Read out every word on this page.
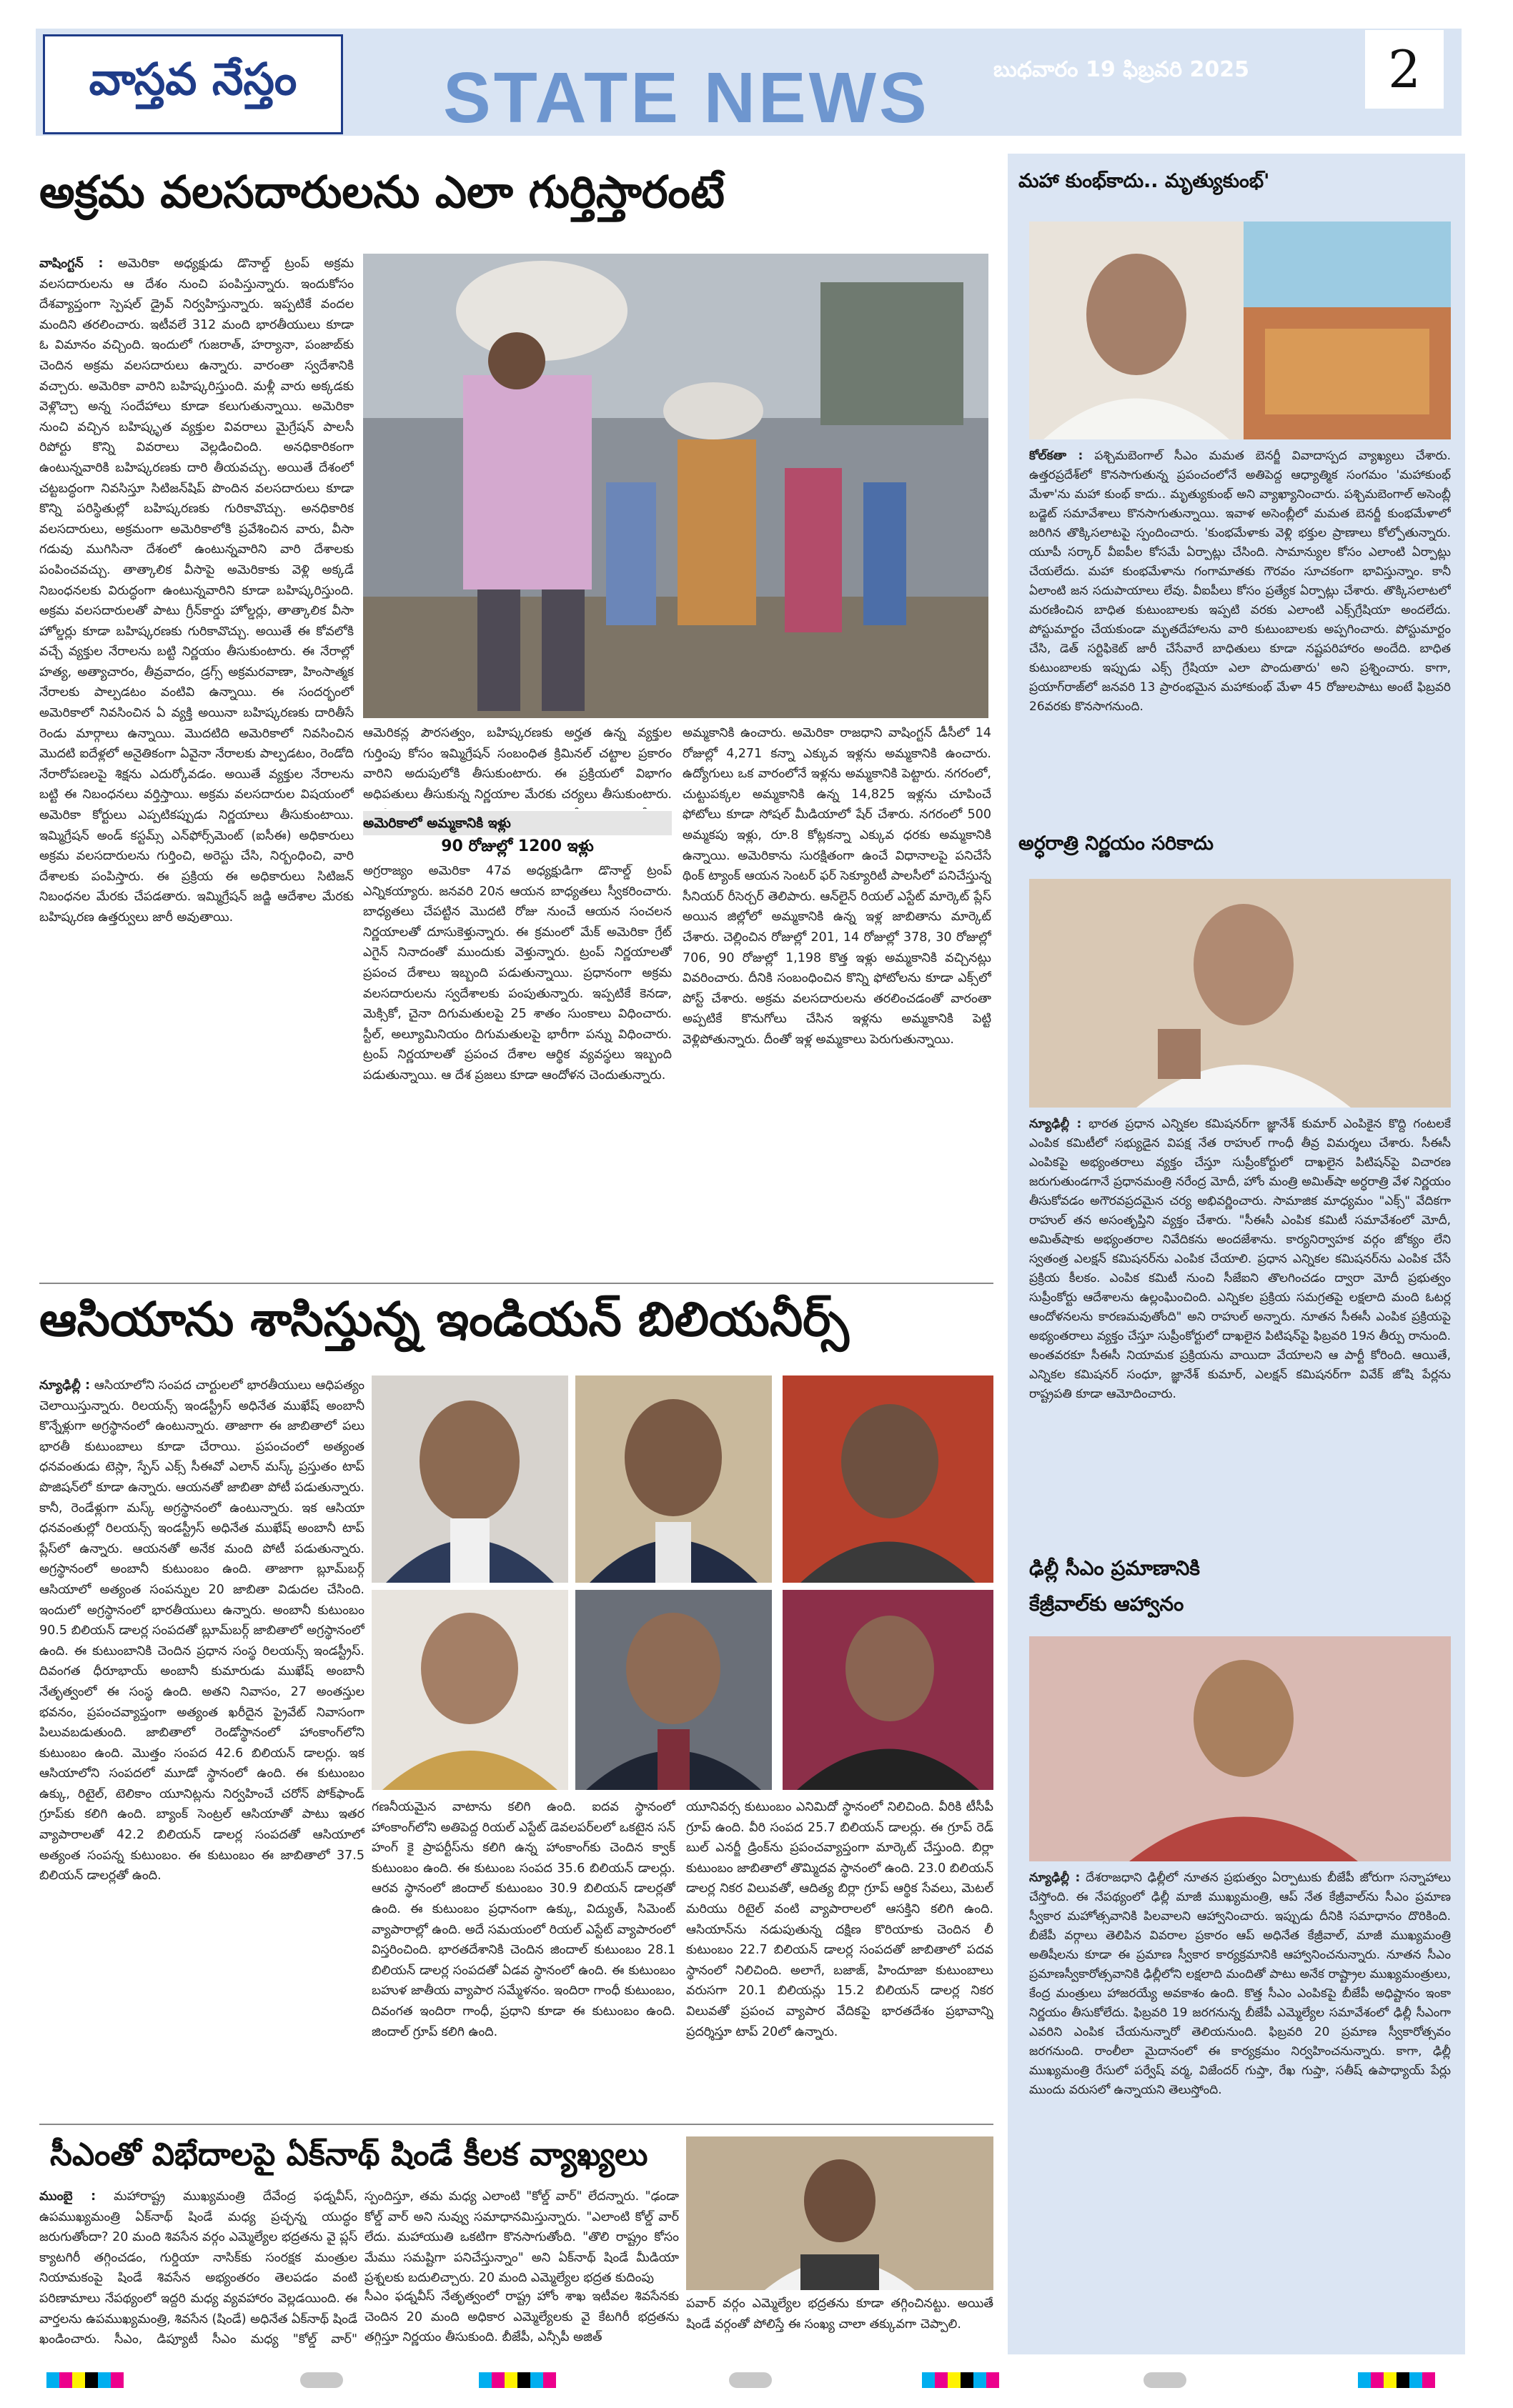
వాస్తవ నేస్తం STATE NEWS	బుధవారం 19 ఫిబ్రవరి 2025	2
అక్రమ వలసదారులను ఎలా గుర్తిస్తారంటే
వాషింగ్టన్ : అమెరికా అధ్యక్షుడు డొనాల్డ్ ట్రంప్ అక్రమ వలసదారులను ఆ దేశం నుంచి పంపిస్తున్నారు. ఇందుకోసం దేశవ్యాప్తంగా స్పెషల్ డ్రైవ్ నిర్వహిస్తున్నారు. ఇప్పటికే వందల మందిని తరలించారు. ఇటీవలే 312 మంది భారతీయులు కూడా ఓ విమానం వచ్చింది. ఇందులో గుజరాత్, హర్యానా, పంజాబ్‌కు చెందిన అక్రమ వలసదారులు ఉన్నారు. వారంతా స్వదేశానికి వచ్చారు. అమెరికా వారిని బహిష్కరిస్తుంది. మళ్లీ వారు అక్కడకు వెళ్లొచ్చా అన్న సందేహాలు కూడా కలుగుతున్నాయి. అమెరికా నుంచి వచ్చిన బహిష్కృత వ్యక్తుల వివరాలు మైగ్రేషన్ పాలసీ రిపోర్టు కొన్ని వివరాలు వెల్లడించింది. అనధికారికంగా ఉంటున్నవారికి బహిష్కరణకు దారి తీయవచ్చు. అయితే దేశంలో చట్టబద్ధంగా నివసిస్తూ సిటిజన్‌షిప్ పొందిన వలసదారులు కూడా కొన్ని పరిస్థితుల్లో బహిష్కరణకు గురికావొచ్చు. అనధికారిక వలసదారులు, అక్రమంగా అమెరికాలోకి ప్రవేశించిన వారు, వీసా గడువు ముగిసినా దేశంలో ఉంటున్నవారిని వారి దేశాలకు పంపించవచ్చు. తాత్కాలిక వీసాపై అమెరికాకు వెళ్లి అక్కడే నిబంధనలకు విరుద్ధంగా ఉంటున్నవారిని కూడా బహిష్కరిస్తుంది. అక్రమ వలసదారులతో పాటు గ్రీన్‌కార్డు హోల్డర్లు, తాత్కాలిక వీసా హోల్డర్లు కూడా బహిష్కరణకు గురికావొచ్చు. అయితే ఈ కోవలోకి వచ్చే వ్యక్తుల నేరాలను బట్టి నిర్ణయం తీసుకుంటారు. ఈ నేరాల్లో హత్య, అత్యాచారం, తీవ్రవాదం, డ్రగ్స్ అక్రమరవాణా, హింసాత్మక నేరాలకు పాల్పడటం వంటివి ఉన్నాయి. ఈ సందర్భంలో అమెరికాలో నివసించిన ఏ వ్యక్తి అయినా బహిష్కరణకు దారితీసే రెండు మార్గాలు ఉన్నాయి. మొదటిది అమెరికాలో నివసించిన మొదటి ఐదేళ్లలో అనైతికంగా ఏవైనా నేరాలకు పాల్పడటం, రెండోది నేరారోపణలపై శిక్షను ఎదుర్కోవడం. అయితే వ్యక్తుల నేరాలను బట్టి ఈ నిబంధనలు వర్తిస్తాయి. అక్రమ వలసదారుల విషయంలో అమెరికా కోర్టులు ఎప్పటికప్పుడు నిర్ణయాలు తీసుకుంటాయి. ఇమ్మిగ్రేషన్ అండ్ కస్టమ్స్ ఎన్‌ఫోర్స్‌మెంట్ (ఐసీఈ) అధికారులు అక్రమ వలసదారులను గుర్తించి, అరెస్టు చేసి, నిర్బంధించి, వారి దేశాలకు పంపిస్తారు. ఈ ప్రక్రియ ఈ అధికారులు సిటిజన్ నిబంధనల మేరకు చేపడతారు. ఇమ్మిగ్రేషన్ జడ్జి ఆదేశాల మేరకు బహిష్కరణ ఉత్తర్వులు జారీ అవుతాయి.
ఆమెరికన్ల పౌరసత్వం, బహిష్కరణకు అర్హత ఉన్న వ్యక్తుల గుర్తింపు కోసం ఇమ్మిగ్రేషన్ సంబంధిత క్రిమినల్ చట్టాల ప్రకారం వారిని అదుపులోకి తీసుకుంటారు. ఈ ప్రక్రియలో విభాగం అధిపతులు తీసుకున్న నిర్ణయాల మేరకు చర్యలు తీసుకుంటారు.
అమెరికాలో అమ్మకానికి ఇళ్లు
90 రోజుల్లో 1200 ఇళ్లు
అగ్రరాజ్యం అమెరికా 47వ అధ్యక్షుడిగా డొనాల్డ్ ట్రంప్ ఎన్నికయ్యారు. జనవరి 20న ఆయన బాధ్యతలు స్వీకరించారు. బాధ్యతలు చేపట్టిన మొదటి రోజు నుంచే ఆయన సంచలన నిర్ణయాలతో దూసుకెళ్తున్నారు. ఈ క్రమంలో మేక్ అమెరికా గ్రేట్ ఎగైన్ నినాదంతో ముందుకు వెళ్తున్నారు. ట్రంప్ నిర్ణయాలతో ప్రపంచ దేశాలు ఇబ్బంది పడుతున్నాయి. ప్రధానంగా అక్రమ వలసదారులను స్వదేశాలకు పంపుతున్నారు. ఇప్పటికే కెనడా, మెక్సికో, చైనా దిగుమతులపై 25 శాతం సుంకాలు విధించారు. స్టీల్, అల్యూమినియం దిగుమతులపై భారీగా పన్ను విధించారు. ట్రంప్ నిర్ణయాలతో ప్రపంచ దేశాల ఆర్థిక వ్యవస్థలు ఇబ్బంది పడుతున్నాయి. ఆ దేశ ప్రజలు కూడా ఆందోళన చెందుతున్నారు.
అమ్మకానికి ఉంచారు. అమెరికా రాజధాని వాషింగ్టన్ డీసీలో 14 రోజుల్లో 4,271 కన్నా ఎక్కువ ఇళ్లను అమ్మకానికి ఉంచారు. ఉద్యోగులు ఒక వారంలోనే ఇళ్లను అమ్మకానికి పెట్టారు. నగరంలో, చుట్టుపక్కల అమ్మకానికి ఉన్న 14,825 ఇళ్లను చూపించే ఫోటోలు కూడా సోషల్ మీడియాలో షేర్ చేశారు. నగరంలో 500 అమ్మకపు ఇళ్లు, రూ.8 కోట్లకన్నా ఎక్కువ ధరకు అమ్మకానికి ఉన్నాయి. అమెరికాను సురక్షితంగా ఉంచే విధానాలపై పనిచేసే థింక్ ట్యాంక్ ఆయన సెంటర్ ఫర్ సెక్యూరిటీ పాలసీలో పనిచేస్తున్న సీనియర్ రీసెర్చర్ తెలిపారు. ఆన్‌లైన్ రియల్ ఎస్టేట్ మార్కెట్ ప్లేస్ అయిన జిల్లోలో అమ్మకానికి ఉన్న ఇళ్ల జాబితాను మార్కెట్ చేశారు. చెల్లించిన రోజుల్లో 201, 14 రోజుల్లో 378, 30 రోజుల్లో 706, 90 రోజుల్లో 1,198 కొత్త ఇళ్లు అమ్మకానికి వచ్చినట్లు వివరించారు. దీనికి సంబంధించిన కొన్ని ఫోటోలను కూడా ఎక్స్‌లో పోస్ట్ చేశారు. అక్రమ వలసదారులను తరలించడంతో వారంతా అప్పటికే కొనుగోలు చేసిన ఇళ్లను అమ్మకానికి పెట్టి వెళ్లిపోతున్నారు. దీంతో ఇళ్ల అమ్మకాలు పెరుగుతున్నాయి.
ఆసియాను శాసిస్తున్న ఇండియన్ బిలియనీర్స్
న్యూఢిల్లీ : ఆసియాలోని సంపద చార్టులలో భారతీయులు ఆధిపత్యం చెలాయిస్తున్నారు. రిలయన్స్ ఇండస్ట్రీస్ అధినేత ముఖేష్ అంబానీ కొన్నేళ్లుగా అగ్రస్థానంలో ఉంటున్నారు. తాజాగా ఈ జాబితాలో పలు భారతీ కుటుంబాలు కూడా చేరాయి. ప్రపంచంలో అత్యంత ధనవంతుడు టెస్లా, స్పేస్ ఎక్స్ సీఈవో ఎలాన్ మస్క్ ప్రస్తుతం టాప్ పొజిషన్‌లో కూడా ఉన్నారు. ఆయనతో జాబితా పోటీ పడుతున్నారు. కానీ, రెండేళ్లుగా మస్క్ అగ్రస్థానంలో ఉంటున్నారు. ఇక ఆసియా ధనవంతుల్లో రిలయన్స్ ఇండస్ట్రీస్ అధినేత ముఖేష్ అంబానీ టాప్ ప్లేస్‌లో ఉన్నారు. ఆయనతో అనేక మంది పోటీ పడుతున్నారు. అగ్రస్థానంలో అంబానీ కుటుంబం ఉంది. తాజాగా బ్లూమ్‌బర్గ్ ఆసియాలో అత్యంత సంపన్నుల 20 జాబితా విడుదల చేసింది. ఇందులో అగ్రస్థానంలో భారతీయులు ఉన్నారు. అంబానీ కుటుంబం 90.5 బిలియన్ డాలర్ల సంపదతో బ్లూమ్‌బర్గ్ జాబితాలో అగ్రస్థానంలో ఉంది. ఈ కుటుంబానికి చెందిన ప్రధాన సంస్థ రిలయన్స్ ఇండస్ట్రీస్. దివంగత ధీరూభాయ్ అంబానీ కుమారుడు ముఖేష్ అంబానీ నేతృత్వంలో ఈ సంస్థ ఉంది. అతని నివాసం, 27 అంతస్తుల భవనం, ప్రపంచవ్యాప్తంగా అత్యంత ఖరీదైన ప్రైవేట్ నివాసంగా పిలువబడుతుంది. జాబితాలో రెండోస్థానంలో హాంకాంగ్‌లోని కుటుంబం ఉంది. మొత్తం సంపద 42.6 బిలియన్ డాలర్లు. ఇక ఆసియాలోని సంపదలో మూడో స్థానంలో ఉంది. ఈ కుటుంబం ఉక్కు, రిటైల్, టెలికాం యూనిట్లను నిర్వహించే చరోన్ పోక్‌ఫాండ్ గ్రూప్‌కు కలిగి ఉంది. బ్యాంక్ సెంట్రల్ ఆసియాతో పాటు ఇతర వ్యాపారాలతో 42.2 బిలియన్ డాలర్ల సంపదతో ఆసియాలో అత్యంత సంపన్న కుటుంబం. ఈ కుటుంబం ఈ జాబితాలో 37.5 బిలియన్ డాలర్లతో ఉంది.
గణనీయమైన వాటాను కలిగి ఉంది. ఐదవ స్థానంలో హాంకాంగ్‌లోని అతిపెద్ద రియల్ ఎస్టేట్ డెవలపర్‌లలో ఒకటైన సన్ హంగ్ కై ప్రాపర్టీస్‌ను కలిగి ఉన్న హాంకాంగ్‌కు చెందిన క్వాక్ కుటుంబం ఉంది. ఈ కుటుంబ సంపద 35.6 బిలియన్ డాలర్లు. ఆరవ స్థానంలో జిందాల్ కుటుంబం 30.9 బిలియన్ డాలర్లతో ఉంది. ఈ కుటుంబం ప్రధానంగా ఉక్కు, విద్యుత్, సిమెంట్ వ్యాపారాల్లో ఉంది. అదే సమయంలో రియల్ ఎస్టేట్ వ్యాపారంలో విస్తరించింది. భారతదేశానికి చెందిన జిందాల్ కుటుంబం 28.1 బిలియన్ డాలర్ల సంపదతో ఏడవ స్థానంలో ఉంది. ఈ కుటుంబం బహుళ జాతీయ వ్యాపార సమ్మేళనం. ఇందిరా గాంధీ కుటుంబం, దివంగత ఇందిరా గాంధీ, ప్రధాని కూడా ఈ కుటుంబం ఉంది. జిందాల్ గ్రూప్ కలిగి ఉంది.
యూనివర్స కుటుంబం ఎనిమిదో స్థానంలో నిలిచింది. వీరికి టీసీపీ గ్రూప్ ఉంది. వీరి సంపద 25.7 బిలియన్ డాలర్లు. ఈ గ్రూప్ రెడ్ బుల్ ఎనర్జీ డ్రింక్‌ను ప్రపంచవ్యాప్తంగా మార్కెట్ చేస్తుంది. బిర్లా కుటుంబం జాబితాలో తొమ్మిదవ స్థానంలో ఉంది. 23.0 బిలియన్ డాలర్ల నికర విలువతో, ఆదిత్య బిర్లా గ్రూప్ ఆర్థిక సేవలు, మెటల్ మరియు రిటైల్ వంటి వ్యాపారాలలో ఆసక్తిని కలిగి ఉంది. ఆసియాన్‌ను నడుపుతున్న దక్షిణ కొరియాకు చెందిన లీ కుటుంబం 22.7 బిలియన్ డాలర్ల సంపదతో జాబితాలో పదవ స్థానంలో నిలిచింది. అలాగే, బజాజ్, హిందూజా కుటుంబాలు వరుసగా 20.1 బిలియన్లు 15.2 బిలియన్ డాలర్ల నికర విలువతో ప్రపంచ వ్యాపార వేదికపై భారతదేశం ప్రభావాన్ని ప్రదర్శిస్తూ టాప్ 20లో ఉన్నారు.
సీఎంతో విభేదాలపై ఏక్‌నాథ్ షిండే కీలక వ్యాఖ్యలు
ముంబై : మహారాష్ట్ర ముఖ్యమంత్రి దేవేంద్ర ఫడ్నవీస్, ఉపముఖ్యమంత్రి ఏక్‌నాథ్ షిండే మధ్య ప్రచ్ఛన్న యుద్ధం జరుగుతోందా? 20 మంది శివసేన వర్గం ఎమ్మెల్యేల భద్రతను వై ప్లస్ క్యాటగిరీ తగ్గించడం, గుర్డియా నాసిక్‌కు సంరక్షక మంత్రుల నియామకంపై షిండే శివసేన అభ్యంతరం తెలపడం వంటి పరిణామాలు నేపథ్యంలో ఇద్దరి మధ్య వ్యవహారం వెల్లడయింది. ఈ వార్తలను ఉపముఖ్యమంత్రి, శివసేన (షిండే) అధినేత ఏక్‌నాథ్ షిండే ఖండించారు. సీఎం, డిప్యూటీ సీఎం మధ్య "కోల్డ్ వార్"
స్పందిస్తూ, తమ మధ్య ఎలాంటి "కోల్డ్ వార్" లేదన్నారు. "ఢండా కోల్డ్ వార్ అని నువ్వు సమాధానమిస్తున్నారు. "ఎలాంటి కోల్డ్ వార్ లేదు. మహాయుతి ఒకటిగా కొనసాగుతోంది. "తొలి రాష్ట్రం కోసం మేము సమష్టిగా పనిచేస్తున్నాం" అని ఏక్‌నాథ్ షిండే మీడియా ప్రశ్నలకు బదులిచ్చారు. 20 మంది ఎమ్మెల్యేల భద్రత కుదింపు
సీఎం ఫడ్నవీస్ నేతృత్వంలో రాష్ట్ర హోం శాఖ ఇటీవల శివసేనకు చెందిన 20 మంది అధికార ఎమ్మెల్యేలకు వై కేటగిరీ భద్రతను తగ్గిస్తూ నిర్ణయం తీసుకుంది. బీజేపీ, ఎన్సీపీ అజిత్
పవార్ వర్గం ఎమ్మెల్యేల భద్రతను కూడా తగ్గించినట్టు. అయితే షిండే వర్గంతో పోలిస్తే ఈ సంఖ్య చాలా తక్కువగా చెప్పాలి.
మహా కుంభ్‌కాదు.. మృత్యుకుంభ్'
కోల్‌కతా : పశ్చిమబెంగాల్ సీఎం మమత బెనర్జీ వివాదాస్పద వ్యాఖ్యలు చేశారు. ఉత్తరప్రదేశ్‌లో కొనసాగుతున్న ప్రపంచంలోనే అతిపెద్ద ఆధ్యాత్మిక సంగమం 'మహాకుంభ్ మేళా'ను మహా కుంభ్ కాదు.. మృత్యుకుంభ్ అని వ్యాఖ్యానించారు. పశ్చిమబెంగాల్ అసెంబ్లీ బడ్జెట్ సమావేశాలు కొనసాగుతున్నాయి. ఇవాళ అసెంబ్లీలో మమత బెనర్జీ కుంభమేళాలో జరిగిన తొక్కిసలాటపై స్పందించారు. 'కుంభమేళాకు వెళ్లి భక్తుల ప్రాణాలు కోల్పోతున్నారు. యూపీ సర్కార్ వీఐపీల కోసమే ఏర్పాట్లు చేసింది. సామాన్యుల కోసం ఎలాంటి ఏర్పాట్లు చేయలేదు. మహా కుంభమేళాను గంగామాతకు గౌరవం సూచకంగా భావిస్తున్నాం. కానీ ఏలాంటి జన సదుపాయాలు లేవు. వీఐపీలు కోసం ప్రత్యేక ఏర్పాట్లు చేశారు. తొక్కిసలాటలో మరణించిన బాధిత కుటుంబాలకు ఇప్పటి వరకు ఎలాంటి ఎక్స్‌గ్రేషియా అందలేదు. పోస్టుమార్టం చేయకుండా మృతదేహాలను వారి కుటుంబాలకు అప్పగించారు. పోస్టుమార్టం చేసి, డెత్ సర్టిఫికెట్ జారీ చేసేవారే బాధితులు కూడా నష్టపరిహారం అందేది. బాధిత కుటుంబాలకు ఇప్పుడు ఎక్స్ గ్రేషియా ఎలా పొందుతారు' అని ప్రశ్నించారు. కాగా, ప్రయాగ్‌రాజ్‌లో జనవరి 13 ప్రారంభమైన మహాకుంభ్ మేళా 45 రోజులపాటు అంటే ఫిబ్రవరి 26వరకు కొనసాగనుంది.
అర్ధరాత్రి నిర్ణయం సరికాదు
న్యూఢిల్లీ : భారత ప్రధాన ఎన్నికల కమిషనర్‌గా జ్ఞానేశ్ కుమార్ ఎంపికైన కొద్ది గంటలకే ఎంపిక కమిటీలో సభ్యుడైన విపక్ష నేత రాహుల్ గాంధీ తీవ్ర విమర్శలు చేశారు. సీఈసీ ఎంపికపై అభ్యంతరాలు వ్యక్తం చేస్తూ సుప్రీంకోర్టులో దాఖలైన పిటిషన్‌పై విచారణ జరుగుతుండగానే ప్రధానమంత్రి నరేంద్ర మోదీ, హోం మంత్రి అమిత్‌షా అర్ధరాత్రి వేళ నిర్ణయం తీసుకోవడం అగౌరవప్రదమైన చర్య అభివర్ణించారు. సామాజిక మాధ్యమం "ఎక్స్" వేదికగా రాహుల్ తన అసంతృప్తిని వ్యక్తం చేశారు. "సీఈసీ ఎంపిక కమిటీ సమావేశంలో మోదీ, అమిత్‌షాకు అభ్యంతరాల నివేదికను అందజేశాను. కార్యనిర్వాహక వర్గం జోక్యం లేని స్వతంత్ర ఎలక్షన్ కమిషనర్‌ను ఎంపిక చేయాలి. ప్రధాన ఎన్నికల కమిషనర్‌ను ఎంపిక చేసే ప్రక్రియ కీలకం. ఎంపిక కమిటీ నుంచి సీజేఐని తొలగించడం ద్వారా మోదీ ప్రభుత్వం సుప్రీంకోర్టు ఆదేశాలను ఉల్లంఘించింది. ఎన్నికల ప్రక్రియ సమగ్రతపై లక్షలాది మంది ఓటర్ల ఆందోళనలను కారణమవుతోంది" అని రాహుల్ అన్నారు. నూతన సీఈసీ ఎంపిక ప్రక్రియపై అభ్యంతరాలు వ్యక్తం చేస్తూ సుప్రీంకోర్టులో దాఖలైన పిటిషన్‌పై ఫిబ్రవరి 19న తీర్పు రానుంది. అంతవరకూ సీఈసీ నియామక ప్రక్రియను వాయిదా వేయాలని ఆ పార్టీ కోరింది. ఆయితే, ఎన్నికల కమిషనర్ సంధూ, జ్ఞానేశ్ కుమార్, ఎలక్షన్ కమిషనర్‌గా వివేక్ జోషి పేర్లను రాష్ట్రపతి కూడా ఆమోదించారు.
ఢిల్లీ సీఎం ప్రమాణానికి
కేజ్రీవాల్‌కు ఆహ్వానం
న్యూఢిల్లీ : దేశరాజధాని ఢిల్లీలో నూతన ప్రభుత్వం ఏర్పాటుకు బీజేపీ జోరుగా సన్నాహాలు చేస్తోంది. ఈ నేపథ్యంలో ఢిల్లీ మాజీ ముఖ్యమంత్రి, ఆప్ నేత కేజ్రీవాల్‌ను సీఎం ప్రమాణ స్వీకార మహోత్సవానికి పిలవాలని ఆహ్వానించారు. ఇప్పుడు దీనికి సమాధానం దొరికింది. బీజేపీ వర్గాలు తెలిపిన వివరాల ప్రకారం ఆప్ అధినేత కేజ్రీవాల్, మాజీ ముఖ్యమంత్రి అతిషీలను కూడా ఈ ప్రమాణ స్వీకార కార్యక్రమానికి ఆహ్వానించనున్నారు. నూతన సీఎం ప్రమాణస్వీకారోత్సవానికి ఢిల్లీలోని లక్షలాది మందితో పాటు అనేక రాష్ట్రాల ముఖ్యమంత్రులు, కేంద్ర మంత్రులు హాజరయ్యే అవకాశం ఉంది. కొత్త సీఎం ఎంపికపై బీజేపీ అధిష్టానం ఇంకా నిర్ణయం తీసుకోలేదు. ఫిబ్రవరి 19 జరగనున్న బీజేపీ ఎమ్మెల్యేల సమావేశంలో ఢిల్లీ సీఎంగా ఎవరిని ఎంపిక చేయనున్నారో తెలియనుంది. ఫిబ్రవరి 20 ప్రమాణ స్వీకారోత్సవం జరగనుంది. రాంలీలా మైదానంలో ఈ కార్యక్రమం నిర్వహించనున్నారు. కాగా, ఢిల్లీ ముఖ్యమంత్రి రేసులో పర్వేష్ వర్మ, విజేందర్ గుప్తా, రేఖ గుప్తా, సతీష్ ఉపాధ్యాయ్ పేర్లు ముందు వరుసలో ఉన్నాయని తెలుస్తోంది.
